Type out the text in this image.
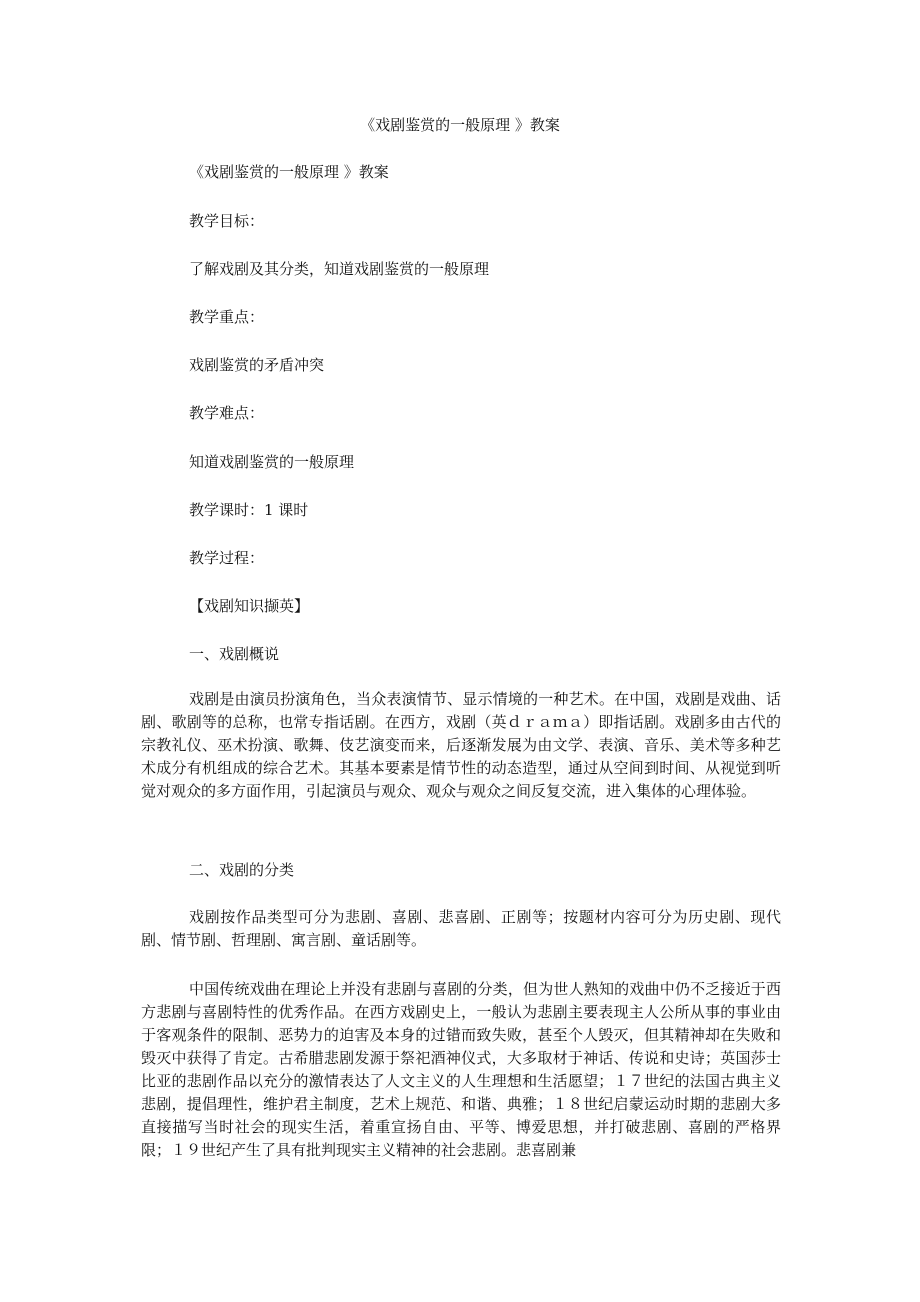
《戏剧鉴赏的一般原理 》教案

《戏剧鉴赏的一般原理 》教案

教学目标：

了解戏剧及其分类，知道戏剧鉴赏的一般原理

教学重点：

戏剧鉴赏的矛盾冲突

教学难点：

知道戏剧鉴赏的一般原理

教学课时：1 课时

教学过程：

【戏剧知识撷英】

一、戏剧概说

戏剧是由演员扮演角色，当众表演情节、显示情境的一种艺术。在中国，戏剧是戏曲、话剧、歌剧等的总称，也常专指话剧。在西方，戏剧（英ｄｒａｍａ）即指话剧。戏剧多由古代的宗教礼仪、巫术扮演、歌舞、伎艺演变而来，后逐渐发展为由文学、表演、音乐、美术等多种艺术成分有机组成的综合艺术。其基本要素是情节性的动态造型，通过从空间到时间、从视觉到听觉对观众的多方面作用，引起演员与观众、观众与观众之间反复交流，进入集体的心理体验。

二、戏剧的分类

戏剧按作品类型可分为悲剧、喜剧、悲喜剧、正剧等；按题材内容可分为历史剧、现代剧、情节剧、哲理剧、寓言剧、童话剧等。

中国传统戏曲在理论上并没有悲剧与喜剧的分类，但为世人熟知的戏曲中仍不乏接近于西方悲剧与喜剧特性的优秀作品。在西方戏剧史上，一般认为悲剧主要表现主人公所从事的事业由于客观条件的限制、恶势力的迫害及本身的过错而致失败，甚至个人毁灭，但其精神却在失败和毁灭中获得了肯定。古希腊悲剧发源于祭祀酒神仪式，大多取材于神话、传说和史诗；英国莎士比亚的悲剧作品以充分的激情表达了人文主义的人生理想和生活愿望；１７世纪的法国古典主义悲剧，提倡理性，维护君主制度，艺术上规范、和谐、典雅；１８世纪启蒙运动时期的悲剧大多直接描写当时社会的现实生活，着重宣扬自由、平等、博爱思想，并打破悲剧、喜剧的严格界限；１９世纪产生了具有批判现实主义精神的社会悲剧。悲喜剧兼
